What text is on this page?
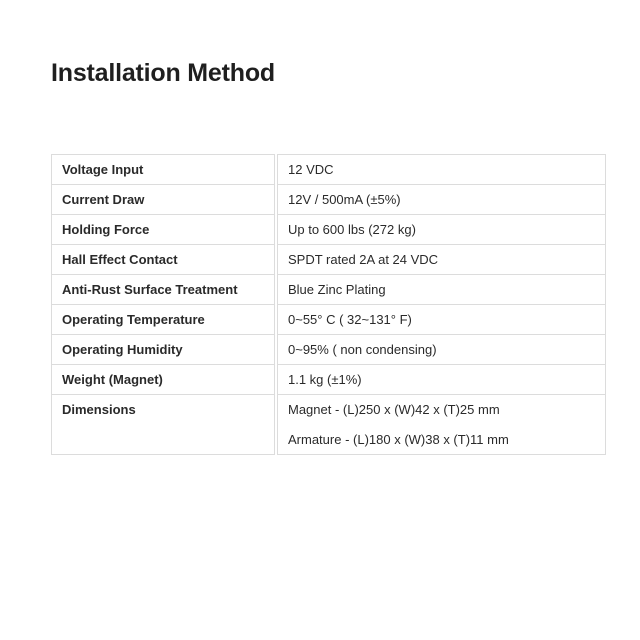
Installation Method
Voltage Input	12 VDC

Current Draw	12V / 500mA (±5%)

Holding Force	Up to 600 lbs (272 kg)

Hall Effect Contact	SPDT rated 2A at 24 VDC

Anti-Rust Surface Treatment	Blue Zinc Plating

Operating Temperature	0~55° C ( 32~131° F)

Operating Humidity	0~95% ( non condensing)

Weight (Magnet)	1.1 kg (±1%)

Dimensions	Magnet - (L)250 x (W)42 x (T)25 mm
Armature - (L)180 x (W)38 x (T)11 mm
